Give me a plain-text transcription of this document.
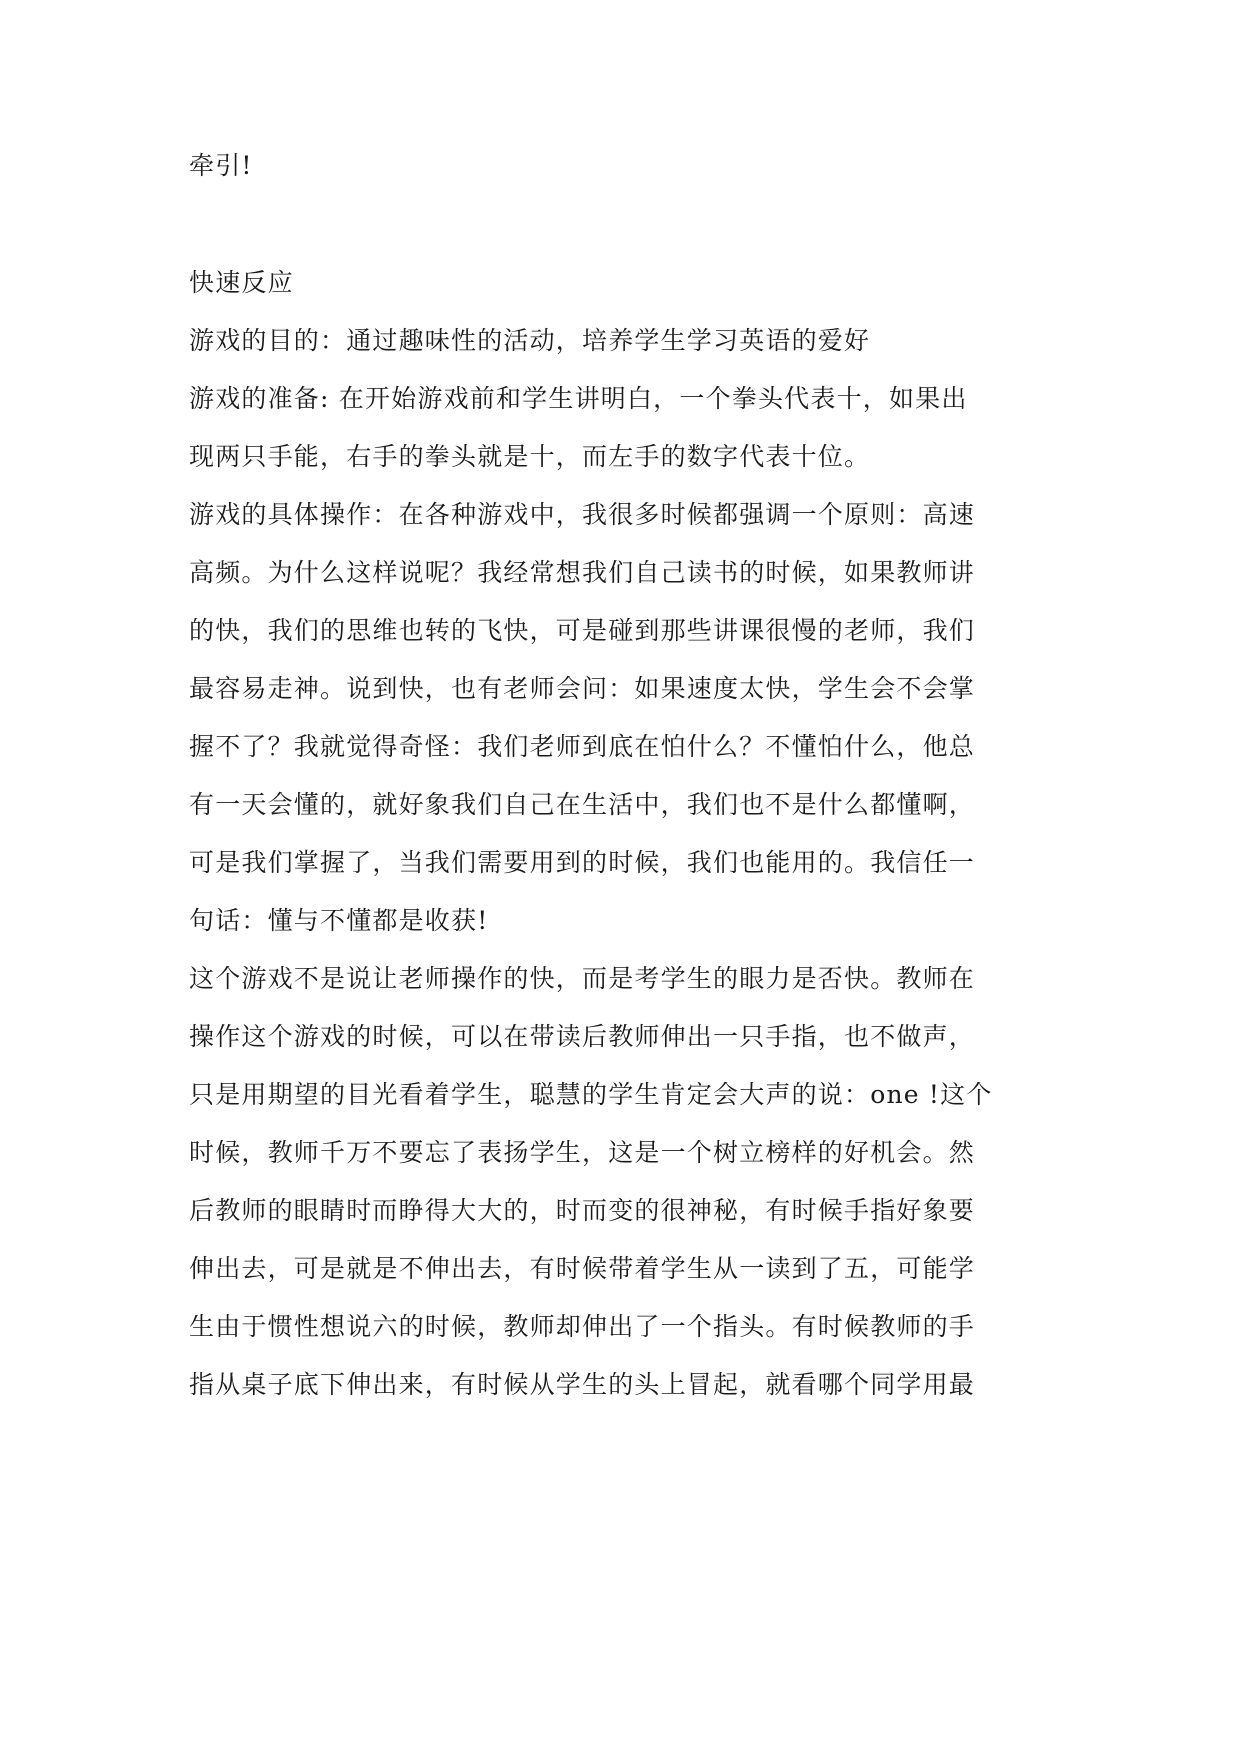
牵引!
快速反应
游戏的目的：通过趣味性的活动，培养学生学习英语的爱好
游戏的准备: 在开始游戏前和学生讲明白，一个拳头代表十，如果出
现两只手能，右手的拳头就是十，而左手的数字代表十位。
游戏的具体操作：在各种游戏中，我很多时候都强调一个原则：高速
高频。为什么这样说呢？我经常想我们自己读书的时候，如果教师讲
的快，我们的思维也转的飞快，可是碰到那些讲课很慢的老师，我们
最容易走神。说到快，也有老师会问：如果速度太快，学生会不会掌
握不了？我就觉得奇怪：我们老师到底在怕什么？不懂怕什么，他总
有一天会懂的，就好象我们自己在生活中，我们也不是什么都懂啊，
可是我们掌握了，当我们需要用到的时候，我们也能用的。我信任一
句话：懂与不懂都是收获!
这个游戏不是说让老师操作的快，而是考学生的眼力是否快。教师在
操作这个游戏的时候，可以在带读后教师伸出一只手指，也不做声，
只是用期望的目光看着学生，聪慧的学生肯定会大声的说：one !这个
时候，教师千万不要忘了表扬学生，这是一个树立榜样的好机会。然
后教师的眼睛时而睁得大大的，时而变的很神秘，有时候手指好象要
伸出去，可是就是不伸出去，有时候带着学生从一读到了五，可能学
生由于惯性想说六的时候，教师却伸出了一个指头。有时候教师的手
指从桌子底下伸出来，有时候从学生的头上冒起，就看哪个同学用最
